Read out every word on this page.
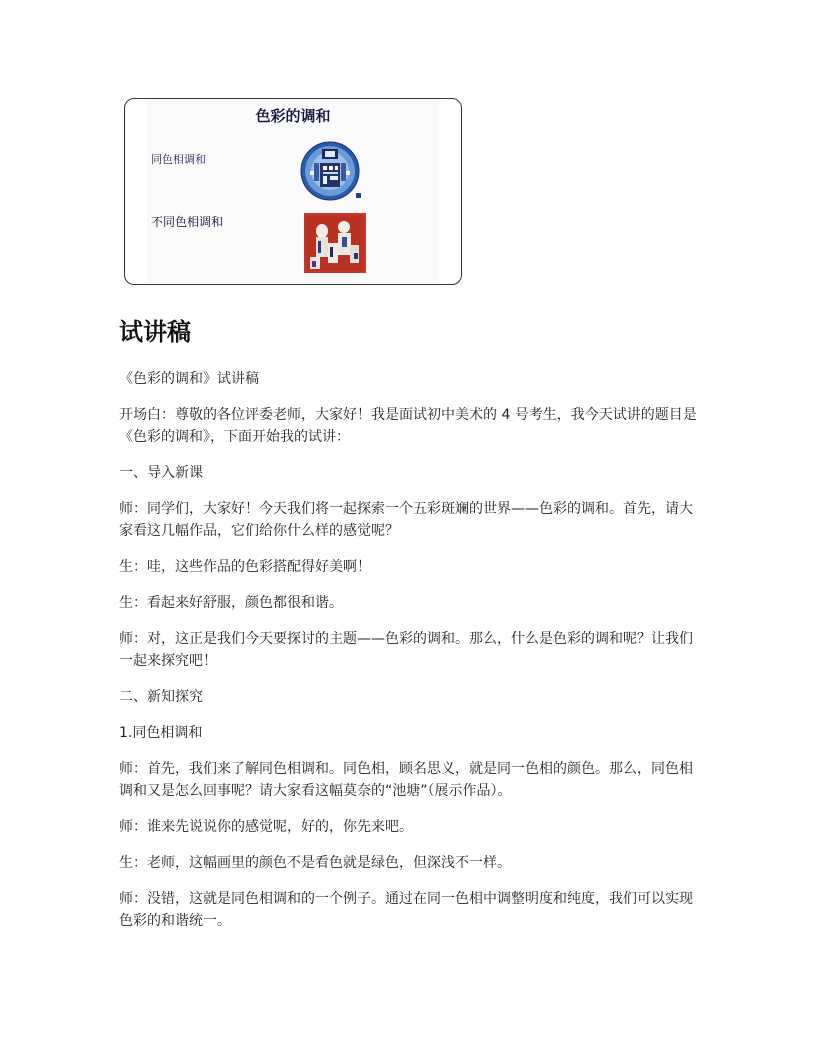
色彩的调和
同色相调和
不同色相调和
试讲稿

《色彩的调和》试讲稿

开场白：尊敬的各位评委老师，大家好！我是面试初中美术的 4 号考生，我今天试讲的题目是《色彩的调和》，下面开始我的试讲：

一、导入新课

师：同学们，大家好！今天我们将一起探索一个五彩斑斓的世界——色彩的调和。首先，请大家看这几幅作品，它们给你什么样的感觉呢？

生：哇，这些作品的色彩搭配得好美啊！

生：看起来好舒服，颜色都很和谐。

师：对，这正是我们今天要探讨的主题——色彩的调和。那么，什么是色彩的调和呢？让我们一起来探究吧！

二、新知探究

1.同色相调和

师：首先，我们来了解同色相调和。同色相，顾名思义，就是同一色相的颜色。那么，同色相调和又是怎么回事呢？请大家看这幅莫奈的“池塘”（展示作品）。

师：谁来先说说你的感觉呢，好的，你先来吧。

生：老师，这幅画里的颜色不是看色就是绿色，但深浅不一样。

师：没错，这就是同色相调和的一个例子。通过在同一色相中调整明度和纯度，我们可以实现色彩的和谐统一。
